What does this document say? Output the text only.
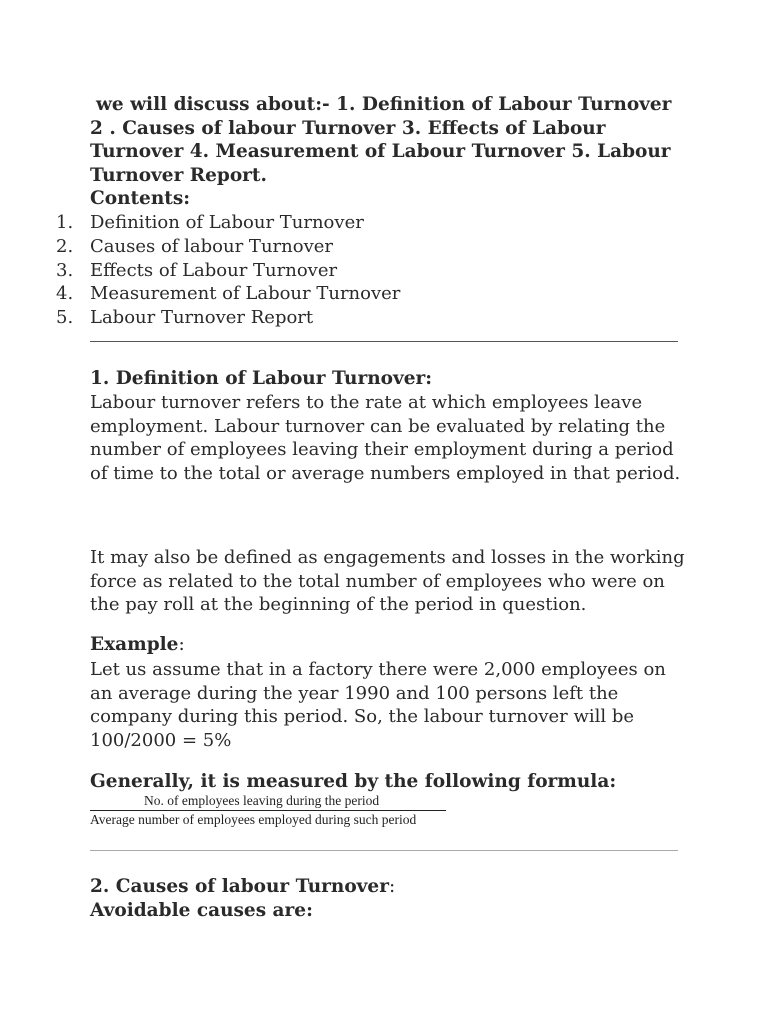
we will discuss about:- 1. Definition of Labour Turnover
2 . Causes of labour Turnover 3. Effects of Labour
Turnover 4. Measurement of Labour Turnover 5. Labour
Turnover Report.
Contents:

1. Definition of Labour Turnover
2. Causes of labour Turnover
3. Effects of Labour Turnover
4. Measurement of Labour Turnover
5. Labour Turnover Report
1. Definition of Labour Turnover:

Labour turnover refers to the rate at which employees leave employment. Labour turnover can be evaluated by relating the number of employees leaving their employment during a period of time to the total or average numbers employed in that period.

It may also be defined as engagements and losses in the working force as related to the total number of employees who were on the pay roll at the beginning of the period in question.

Example:

Let us assume that in a factory there were 2,000 employees on an average during the year 1990 and 100 persons left the company during this period. So, the labour turnover will be 100/2000 = 5%

Generally, it is measured by the following formula:

No. of employees leaving during the period
Average number of employees employed during such period

2. Causes of labour Turnover:

Avoidable causes are:
